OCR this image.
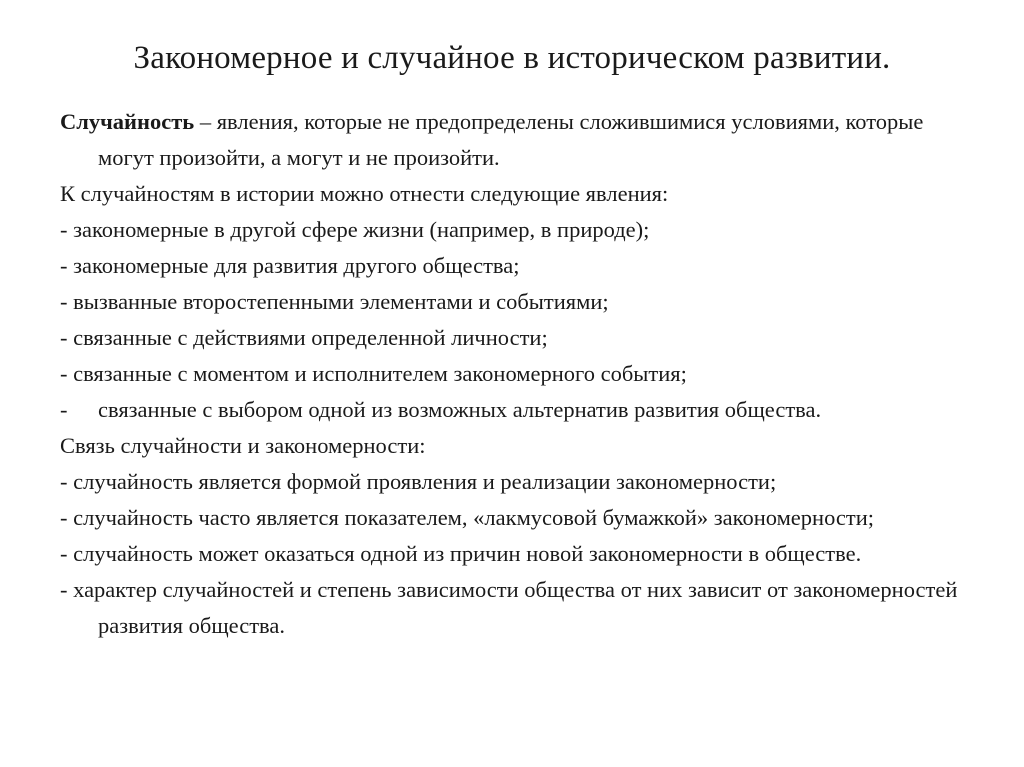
Закономерное и случайное в историческом развитии.

Случайность – явления, которые не предопределены сложившимися условиями, которые могут произойти, а могут и не произойти.

К случайностям в истории можно отнести следующие явления:

- закономерные в другой сфере жизни (например, в природе);

- закономерные для развития другого общества;

- вызванные второстепенными элементами и событиями;

- связанные с действиями определенной личности;

- связанные с моментом и исполнителем закономерного события;

- связанные с выбором одной из возможных альтернатив развития общества.

Связь случайности и закономерности:

- случайность является формой проявления и реализации закономерности;

- случайность часто является показателем, «лакмусовой бумажкой» закономерности;

- случайность может оказаться одной из причин новой закономерности в обществе.

- характер случайностей и степень зависимости общества от них зависит от закономерностей развития общества.
